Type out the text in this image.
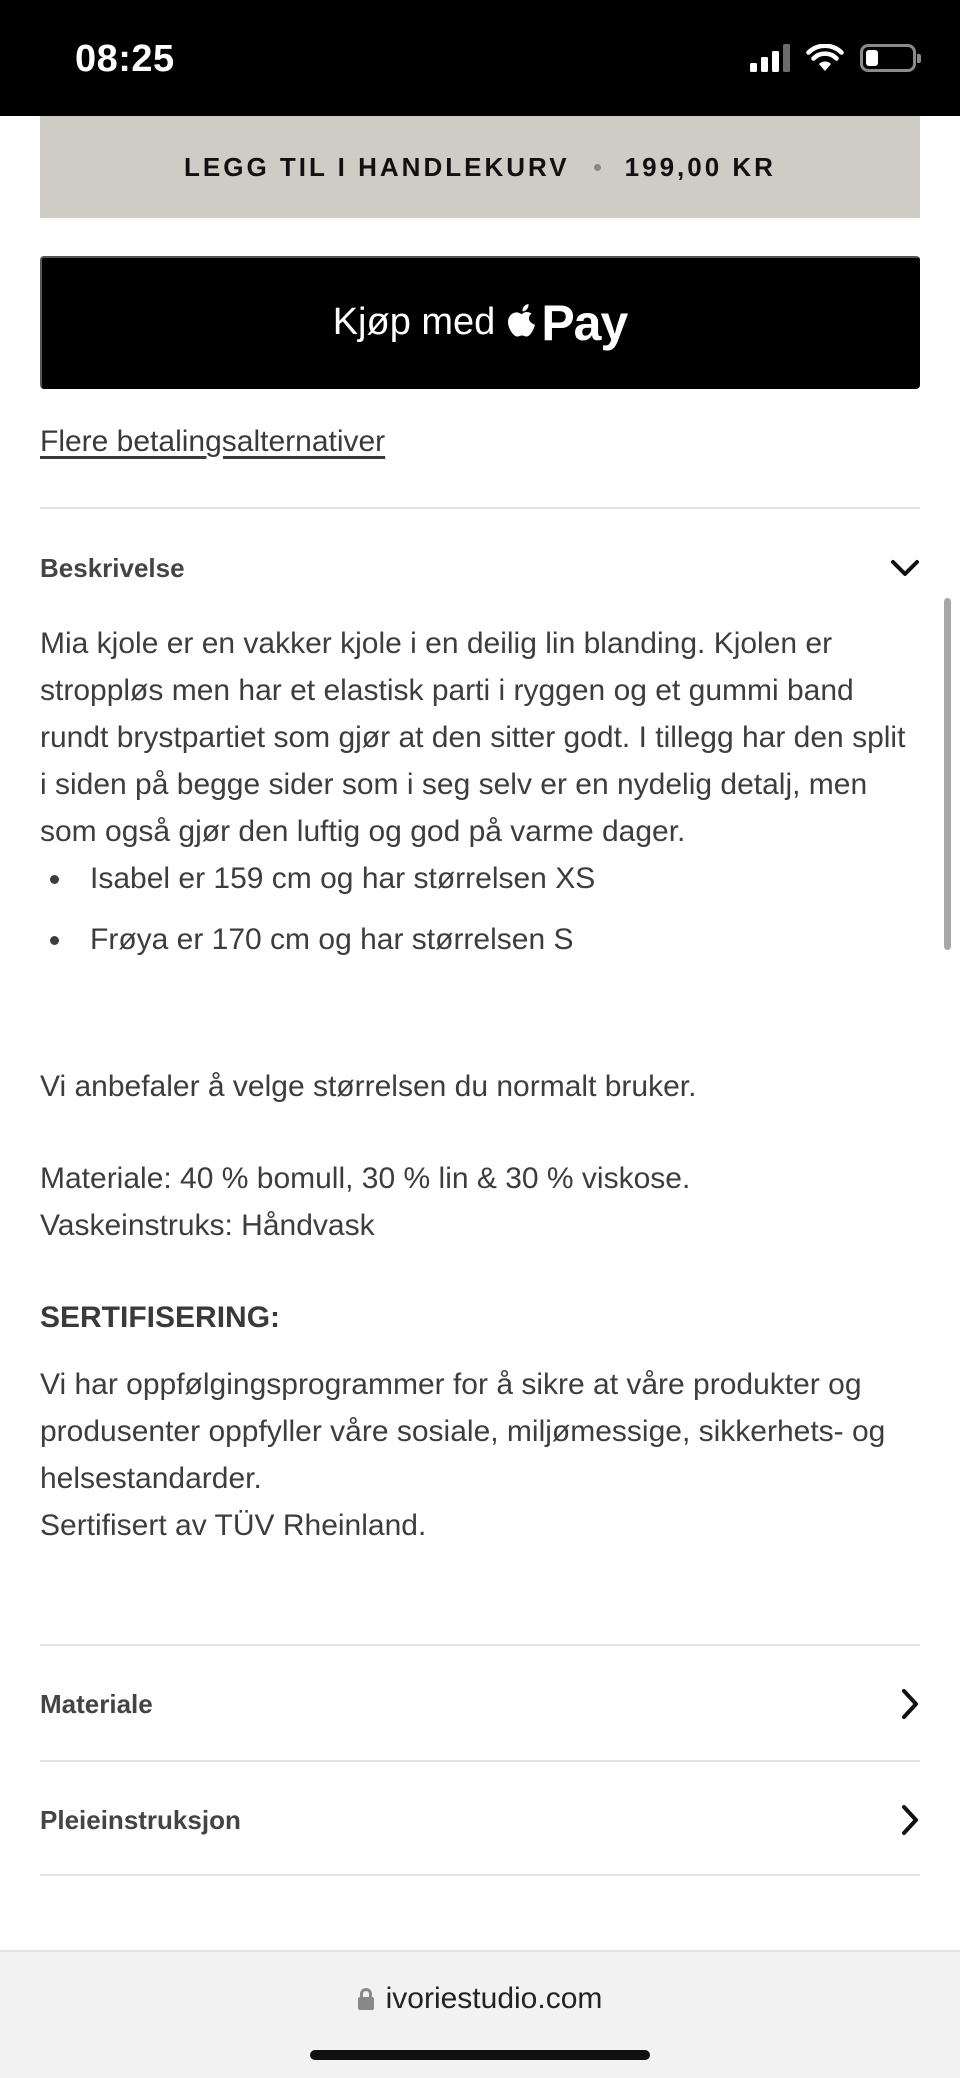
08:25
LEGG TIL I HANDLEKURV 199,00 KR
Kjøp med Pay
Flere betalingsalternativer
Beskrivelse

Mia kjole er en vakker kjole i en deilig lin blanding. Kjolen er stroppløs men har et elastisk parti i ryggen og et gummi band rundt brystpartiet som gjør at den sitter godt. I tillegg har den split i siden på begge sider som i seg selv er en nydelig detalj, men som også gjør den luftig og god på varme dager.

Isabel er 159 cm og har størrelsen XS
Frøya er 170 cm og har størrelsen S

Vi anbefaler å velge størrelsen du normalt bruker.

Materiale: 40 % bomull, 30 % lin & 30 % viskose.

Vaskeinstruks: Håndvask

SERTIFISERING:

Vi har oppfølgingsprogrammer for å sikre at våre produkter og produsenter oppfyller våre sosiale, miljømessige, sikkerhets- og helsestandarder.

Sertifisert av TÜV Rheinland.

Materiale
Pleieinstruksjon
ivoriestudio.com
